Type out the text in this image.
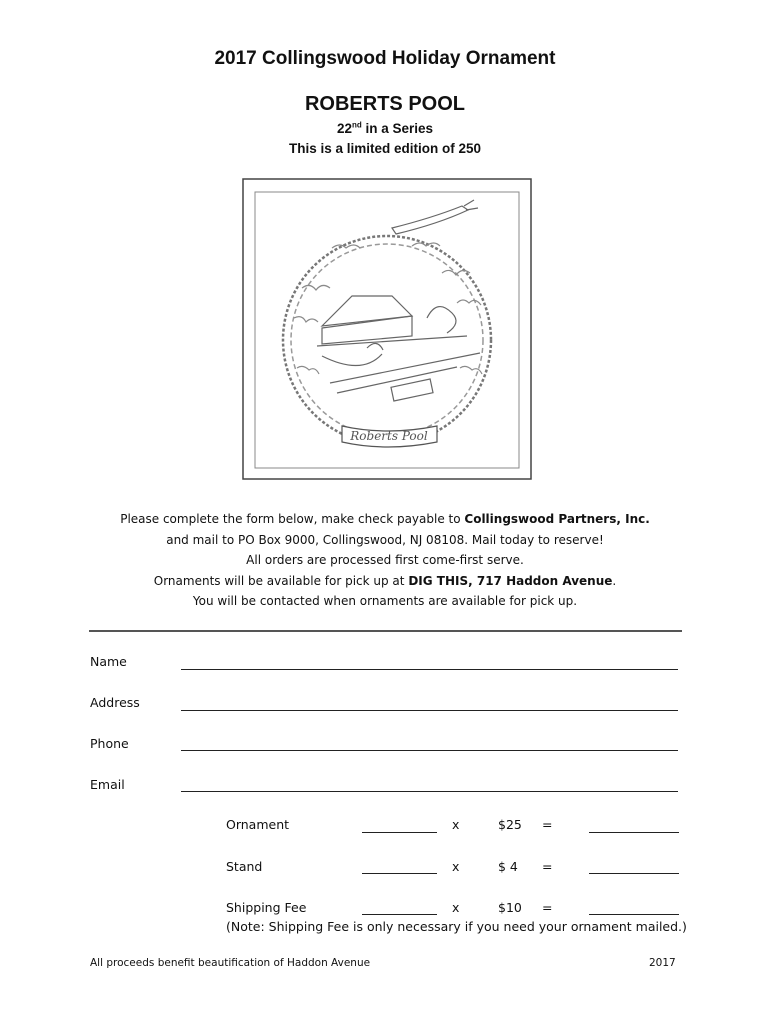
2017 Collingswood Holiday Ornament
ROBERTS POOL
22nd in a Series
This is a limited edition of 250
Roberts Pool
Please complete the form below, make check payable to Collingswood Partners, Inc.
and mail to PO Box 9000, Collingswood, NJ 08108. Mail today to reserve!
All orders are processed first come-first serve.
Ornaments will be available for pick up at DIG THIS, 717 Haddon Avenue.
You will be contacted when ornaments are available for pick up.
Name
Address
Phone
Email
Ornament	x	$25 =
Stand	x	$ 4 =
Shipping Fee	x	$10 =
(Note: Shipping Fee is only necessary if you need your ornament mailed.)
All proceeds benefit beautification of Haddon Avenue	2017
